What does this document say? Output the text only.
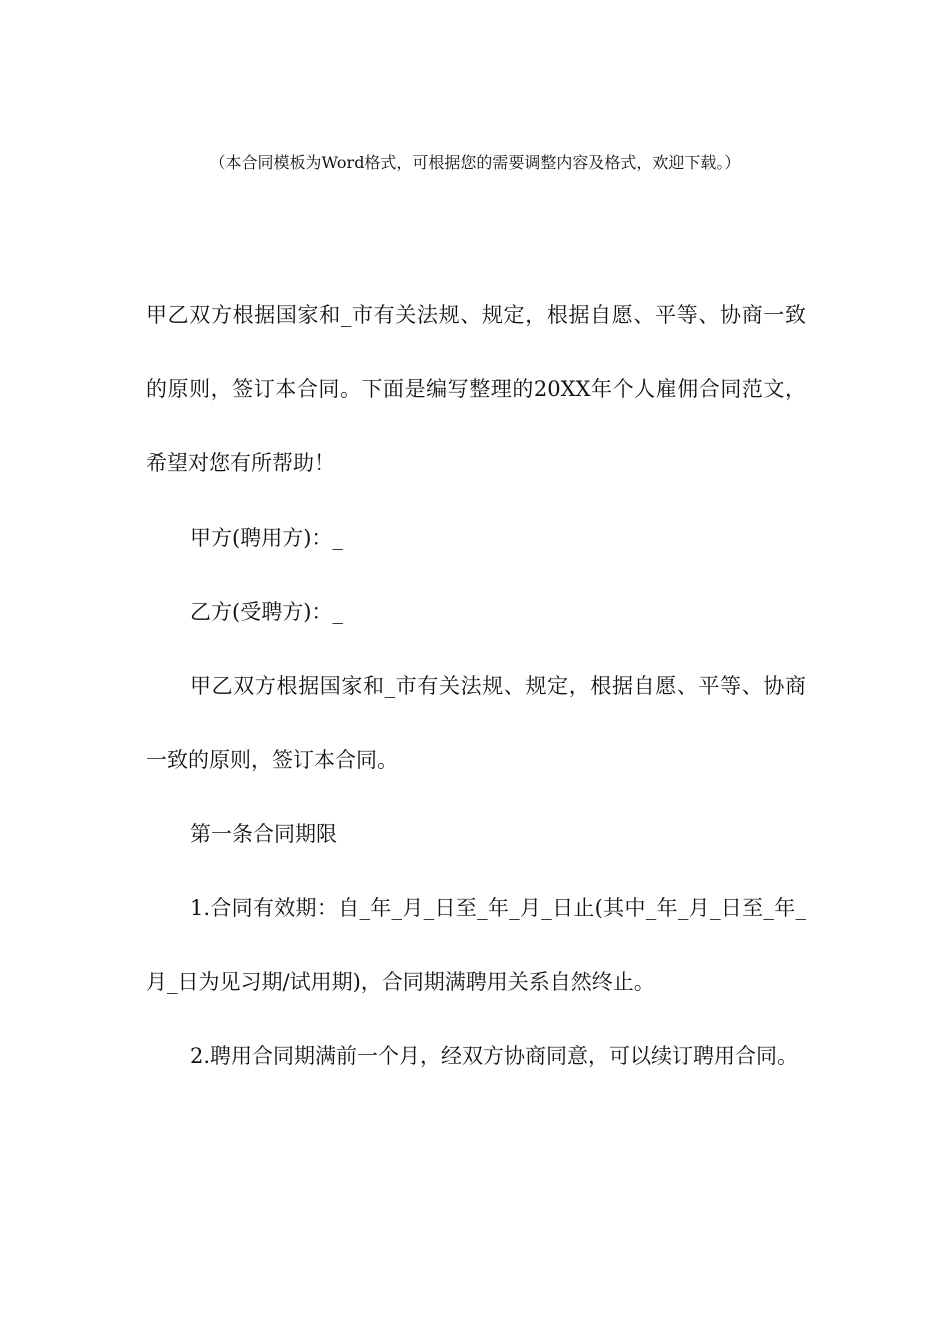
（本合同模板为Word格式，可根据您的需要调整内容及格式，欢迎下载。）

甲乙双方根据国家和_市有关法规、规定，根据自愿、平等、协商一致的原则，签订本合同。下面是编写整理的20XX年个人雇佣合同范文，希望对您有所帮助！

甲方(聘用方)：_

乙方(受聘方)：_

甲乙双方根据国家和_市有关法规、规定，根据自愿、平等、协商一致的原则，签订本合同。

第一条合同期限

1.合同有效期：自_年_月_日至_年_月_日止(其中_年_月_日至_年_月_日为见习期/试用期)，合同期满聘用关系自然终止。

2.聘用合同期满前一个月，经双方协商同意，可以续订聘用合同。
